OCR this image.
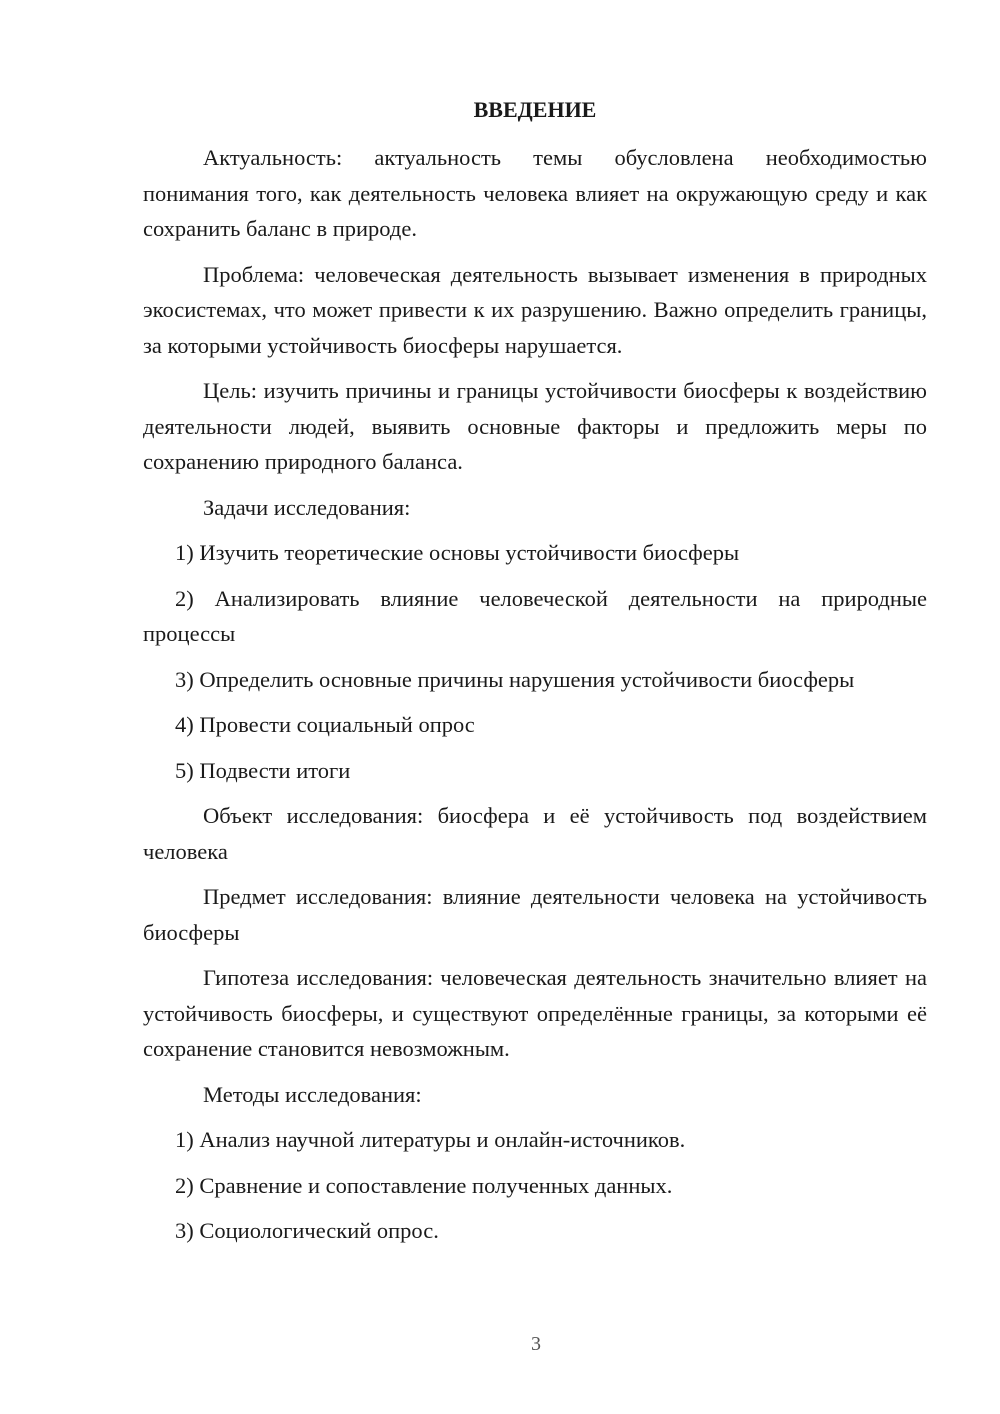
ВВЕДЕНИЕ

Актуальность: актуальность темы обусловлена необходимостью понимания того, как деятельность человека влияет на окружающую среду и как сохранить баланс в природе.

Проблема: человеческая деятельность вызывает изменения в природных экосистемах, что может привести к их разрушению. Важно определить границы, за которыми устойчивость биосферы нарушается.

Цель: изучить причины и границы устойчивости биосферы к воздействию деятельности людей, выявить основные факторы и предложить меры по сохранению природного баланса.

Задачи исследования:

1) Изучить теоретические основы устойчивости биосферы

2) Анализировать влияние человеческой деятельности на природные процессы

3) Определить основные причины нарушения устойчивости биосферы

4) Провести социальный опрос

5) Подвести итоги

Объект исследования: биосфера и её устойчивость под воздействием человека

Предмет исследования: влияние деятельности человека на устойчивость биосферы

Гипотеза исследования: человеческая деятельность значительно влияет на устойчивость биосферы, и существуют определённые границы, за которыми её сохранение становится невозможным.

Методы исследования:

1) Анализ научной литературы и онлайн-источников.

2) Сравнение и сопоставление полученных данных.

3) Социологический опрос.

3
